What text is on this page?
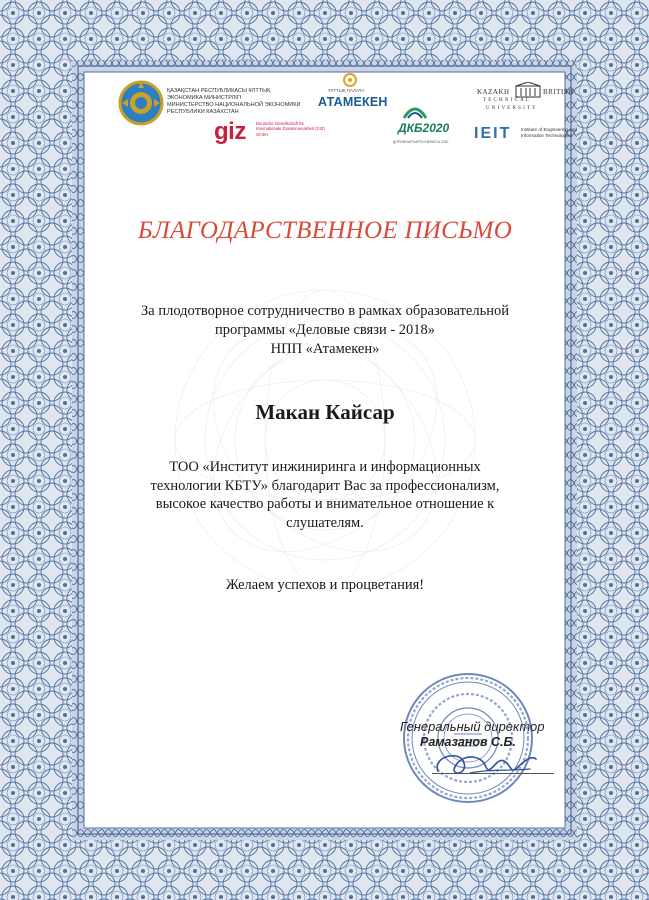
ҚАЗАҚСТАН РЕСПУБЛИКАСЫ ҰЛТТЫҚ
ЭКОНОМИКА МИНИСТРЛІГІ
МИНИСТЕРСТВО НАЦИОНАЛЬНОЙ ЭКОНОМИКИ
РЕСПУБЛИКИ КАЗАХСТАН
giz Deutsche Gesellschaft für Internationale Zusammenarbeit (GIZ) GmbH
ҰЛТТЫҚ ПАЛАТА
АТАМЕКЕН
ДКБ2020
ДОРОЖНАЯ КАРТА БИЗНЕСА 2020
KAZAKH	BRITISH
TECHNICAL
UNIVERSITY
IEIT Institute of Engineering and Information Technologies
БЛАГОДАРСТВЕННОЕ ПИСЬМО
За плодотворное сотрудничество в рамках образовательной
программы «Деловые связи - 2018»
НПП «Атамекен»
Макан Кайсар
ТОО «Институт инжиниринга и информационных
технологии КБТУ» благодарит Вас за профессионализм,
высокое качество работы и внимательное отношение к
слушателям.
Желаем успехов и процветания!
Генеральный директор
Рамазанов С.Б.
